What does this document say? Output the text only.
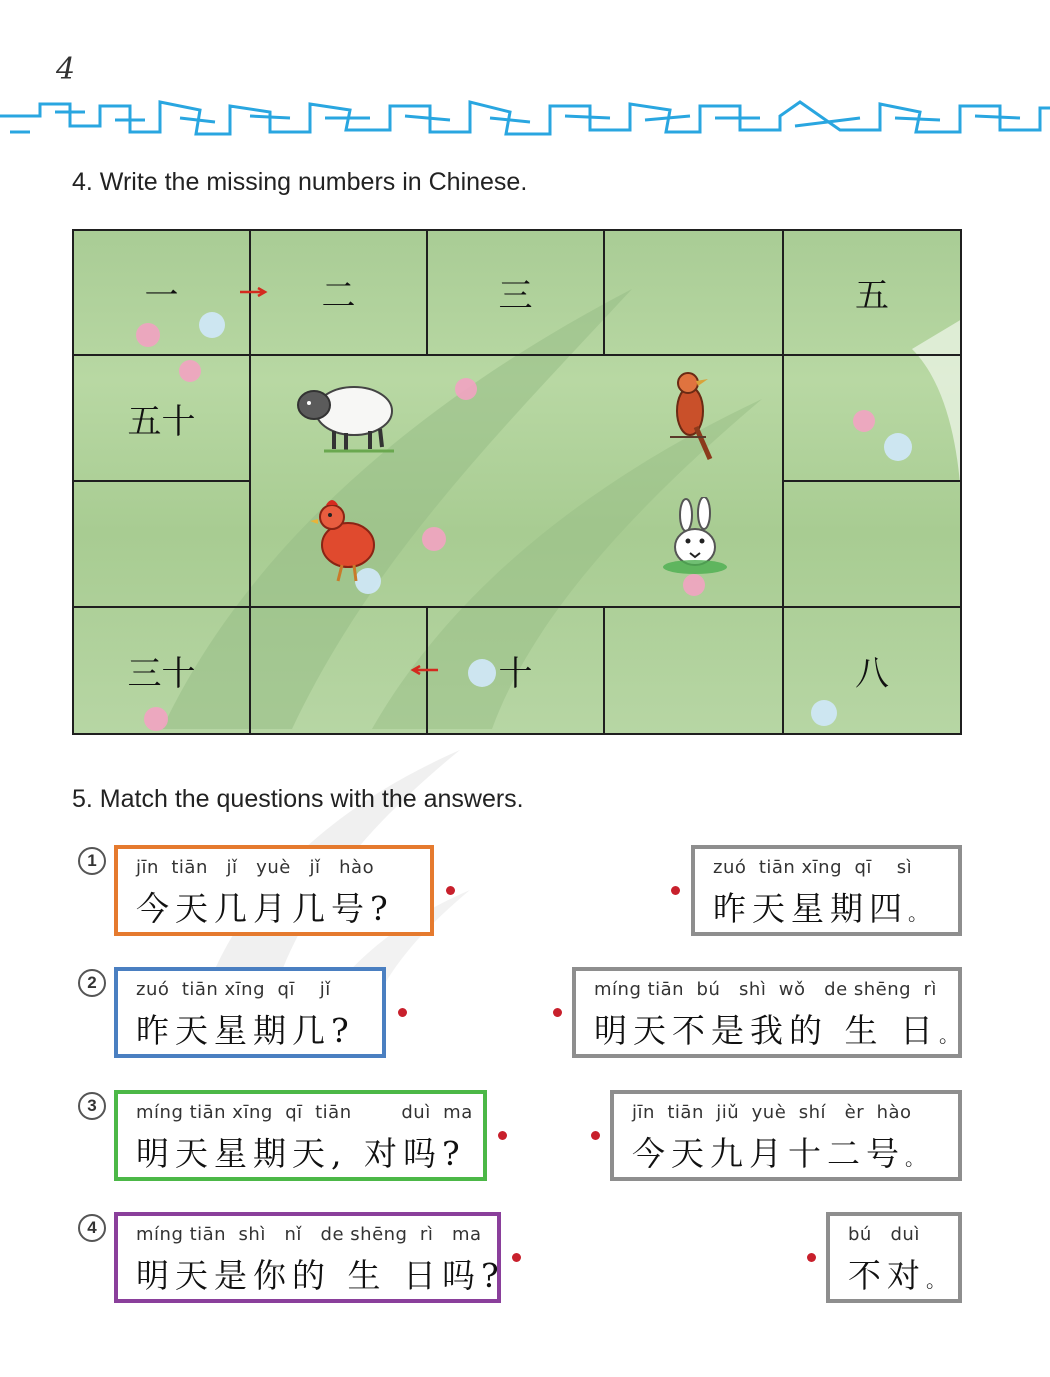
4
4. Write the missing numbers in Chinese.
一	二	三	五
五十
三十	十	八
5. Match the questions with the answers.
1
2
3
4
jīn  tiān   jǐ   yuè   jǐ   hào
今天几月几号?
zuó  tiān xīng  qī    jǐ
昨天星期几?
míng tiān xīng  qī  tiān        duì  ma
明天星期天, 对吗?
míng tiān  shì   nǐ   de shēng  rì   ma
明天是你的 生 日吗?
zuó  tiān xīng  qī    sì
昨天星期四。
míng tiān  bú   shì  wǒ   de shēng  rì
明天不是我的 生 日。
jīn  tiān  jiǔ  yuè  shí   èr  hào
今天九月十二号。
bú   duì
不对。
